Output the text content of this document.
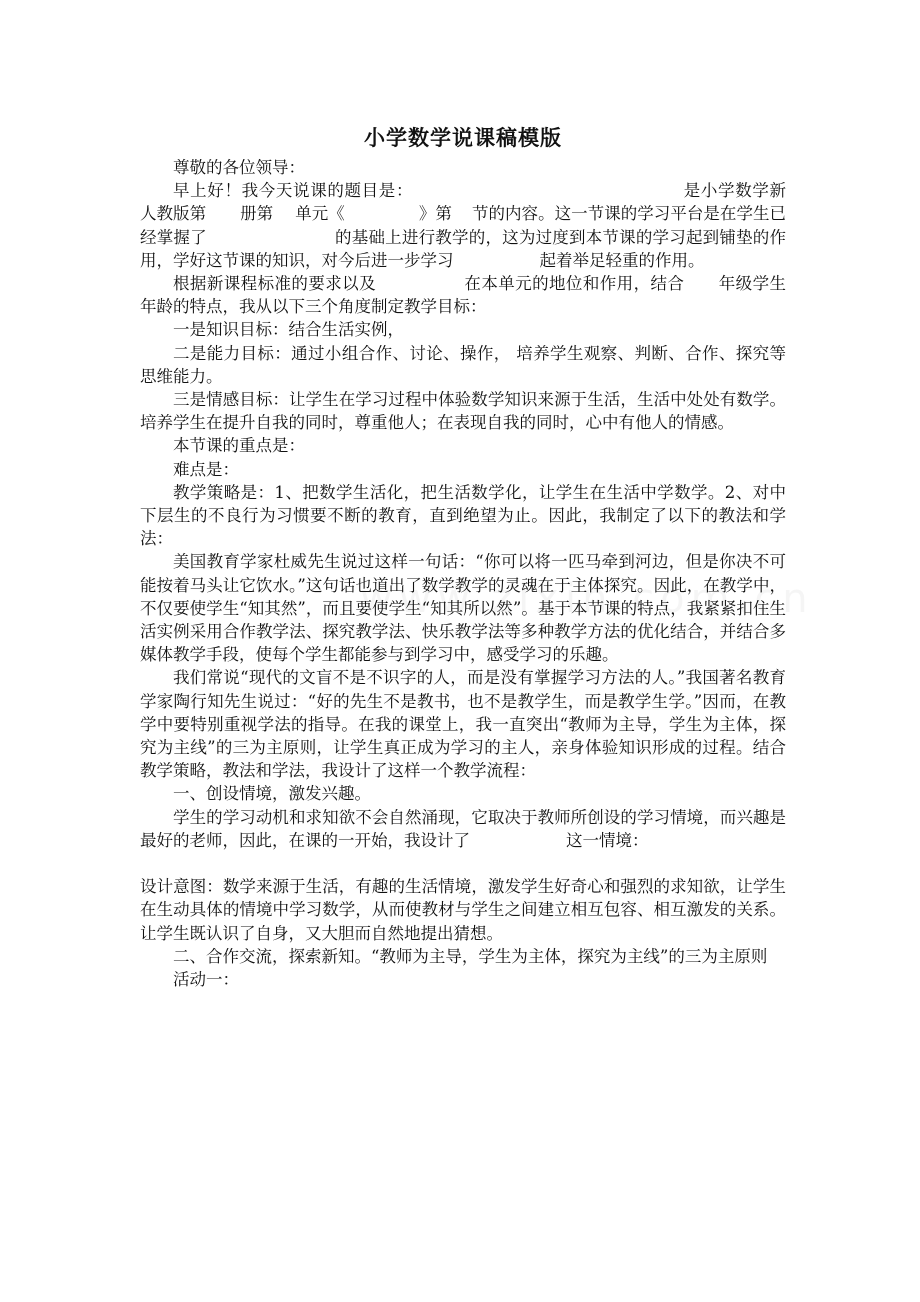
小学数学说课稿模版

尊敬的各位领导：

早上好！我今天说课的题目是：	是小学数学新人教版第 册第 单元《	》第 节的内容。这一节课的学习平台是在学生已经掌握了	的基础上进行教学的，这为过度到本节课的学习起到铺垫的作用，学好这节课的知识，对今后进一步学习	起着举足轻重的作用。

根据新课程标准的要求以及	在本单元的地位和作用，结合 年级学生年龄的特点，我从以下三个角度制定教学目标：

一是知识目标：结合生活实例，

二是能力目标：通过小组合作、讨论、操作， 培养学生观察、判断、合作、探究等思维能力。

三是情感目标：让学生在学习过程中体验数学知识来源于生活，生活中处处有数学。培养学生在提升自我的同时，尊重他人；在表现自我的同时，心中有他人的情感。

本节课的重点是：

难点是：

教学策略是：1、把数学生活化，把生活数学化，让学生在生活中学数学。2、对中下层生的不良行为习惯要不断的教育，直到绝望为止。因此，我制定了以下的教法和学法：

美国教育学家杜威先生说过这样一句话：“你可以将一匹马牵到河边，但是你决不可能按着马头让它饮水。”这句话也道出了数学教学的灵魂在于主体探究。因此，在教学中，不仅要使学生“知其然”，而且要使学生“知其所以然”。基于本节课的特点，我紧紧扣住生活实例采用合作教学法、探究教学法、快乐教学法等多种教学方法的优化结合，并结合多媒体教学手段，使每个学生都能参与到学习中，感受学习的乐趣。

我们常说“现代的文盲不是不识字的人，而是没有掌握学习方法的人。”我国著名教育学家陶行知先生说过：“好的先生不是教书，也不是教学生，而是教学生学。”因而，在教学中要特别重视学法的指导。在我的课堂上，我一直突出“教师为主导，学生为主体，探究为主线”的三为主原则，让学生真正成为学习的主人，亲身体验知识形成的过程。结合教学策略，教法和学法，我设计了这样一个教学流程：

一、创设情境，激发兴趣。

学生的学习动机和求知欲不会自然涌现，它取决于教师所创设的学习情境，而兴趣是最好的老师，因此，在课的一开始，我设计了	这一情境：

设计意图：数学来源于生活，有趣的生活情境，激发学生好奇心和强烈的求知欲，让学生在生动具体的情境中学习数学，从而使教材与学生之间建立相互包容、相互激发的关系。让学生既认识了自身，又大胆而自然地提出猜想。

二、合作交流，探索新知。“教师为主导，学生为主体，探究为主线”的三为主原则

活动一：
